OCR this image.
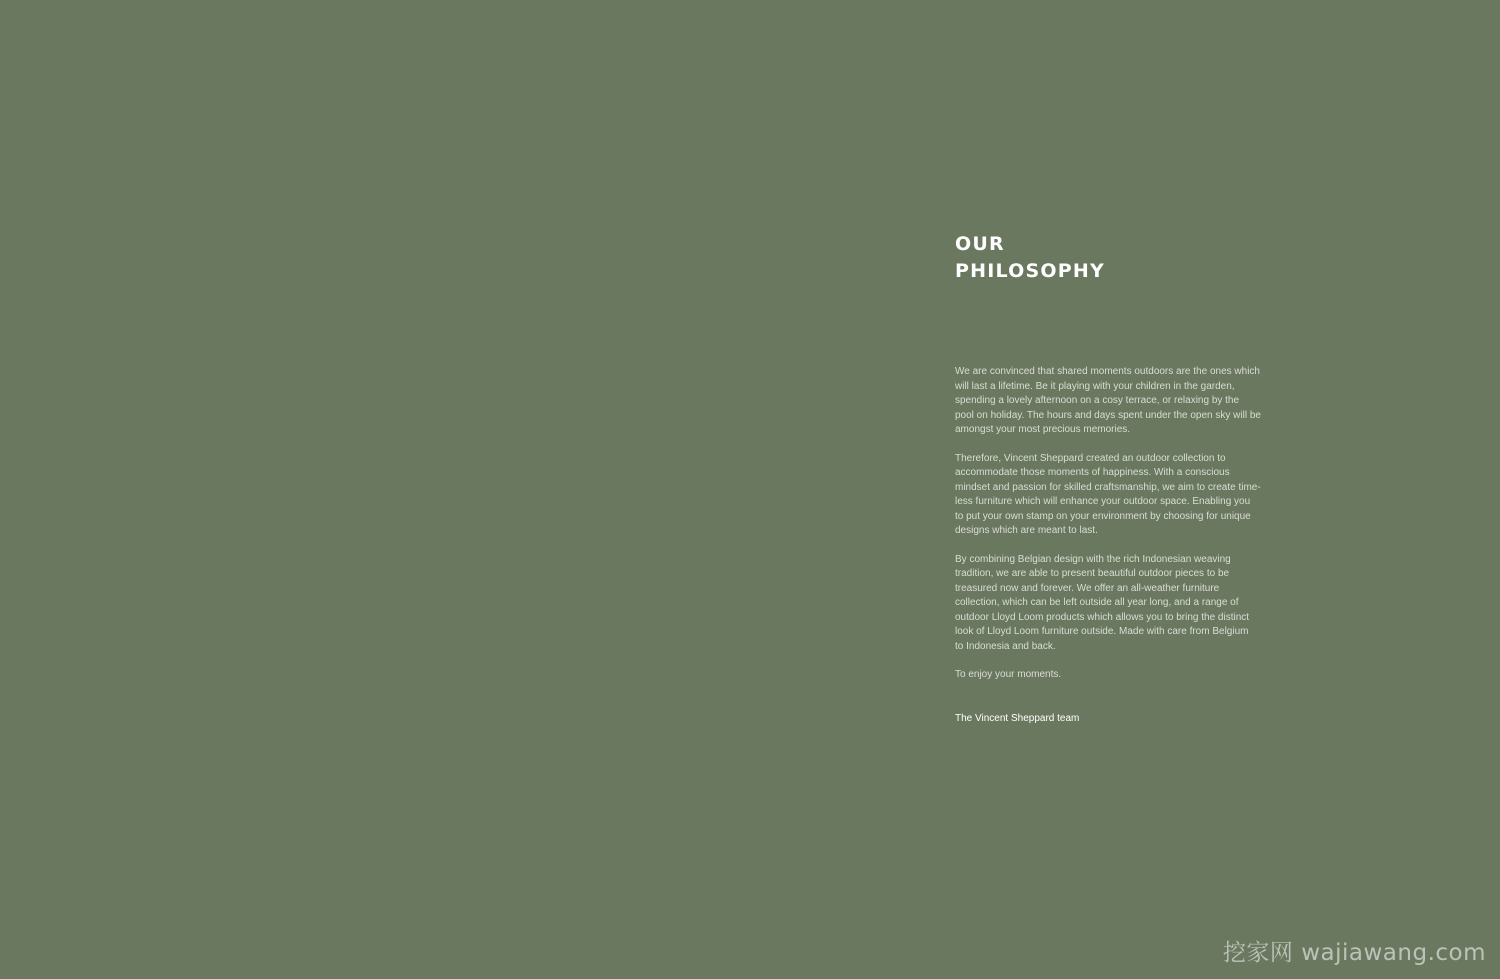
OUR
PHILOSOPHY

We are convinced that shared moments outdoors are the ones which
will last a lifetime. Be it playing with your children in the garden,
spending a lovely afternoon on a cosy terrace, or relaxing by the
pool on holiday. The hours and days spent under the open sky will be
amongst your most precious memories.

Therefore, Vincent Sheppard created an outdoor collection to
accommodate those moments of happiness. With a conscious
mindset and passion for skilled craftsmanship, we aim to create time-
less furniture which will enhance your outdoor space. Enabling you
to put your own stamp on your environment by choosing for unique
designs which are meant to last.

By combining Belgian design with the rich Indonesian weaving
tradition, we are able to present beautiful outdoor pieces to be
treasured now and forever. We offer an all-weather furniture
collection, which can be left outside all year long, and a range of
outdoor Lloyd Loom products which allows you to bring the distinct
look of Lloyd Loom furniture outside. Made with care from Belgium
to Indonesia and back.

To enjoy your moments.

The Vincent Sheppard team

挖家网 wajiawang.com
